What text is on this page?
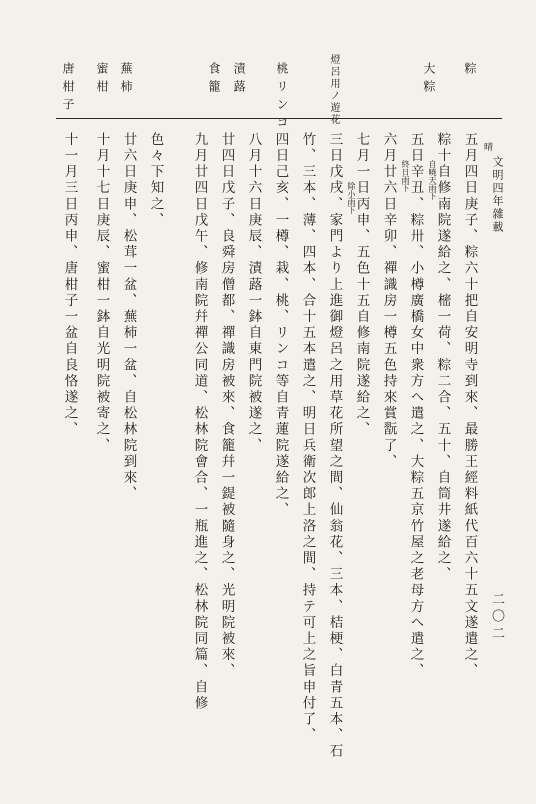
文明四年雜載
二〇二
粽
大粽
燈呂用ノ遊花
桃リンコ
漬蕗
食籠
蕪柿
蜜柑
唐柑子
五月四日庚子、粽六十把自安明寺到來、最勝王經料紙代百六十五文遂遣之、
粽十自修南院遂給之、樒一荷、粽二合、五十、自筒井遂給之、
五日辛丑、粽卅、小樽廣橋女中衆方へ遣之、大粽五京竹屋之老母方へ遣之、
六月廿六日辛卯、禪識房一樽五色持來賞翫了、
七月一日丙申、五色十五自修南院遂給之、
三日戊戌、家門より上進御燈呂之用草花所望之間、仙翁花、三本、桔梗、白青五本、石
竹、三本、薄、四本、合十五本遣之、明日兵衛次郎上洛之間、持テ可上之旨申付了、
四日己亥、一樽、栽、桃、リンコ等自青蓮院遂給之、
八月十六日庚辰、漬蕗一鉢自東門院被遂之、
廿四日戊子、良舜房僧都、禪識房被來、食籠幷一鍉被隨身之、光明院被來、
九月廿四日戊午、修南院幷禪公同道、松林院會合、一瓶進之、松林院同篇、自修
色々下知之、
廿六日庚申、松茸一盆、蕪柿一盆、自松林院到來、
十月十七日庚辰、蜜柑一鉢自光明院被寄之、
十一月三日丙申、唐柑子一盆自良恪遂之、	晴
自曉天雨下
終日雨下
除小雨下
